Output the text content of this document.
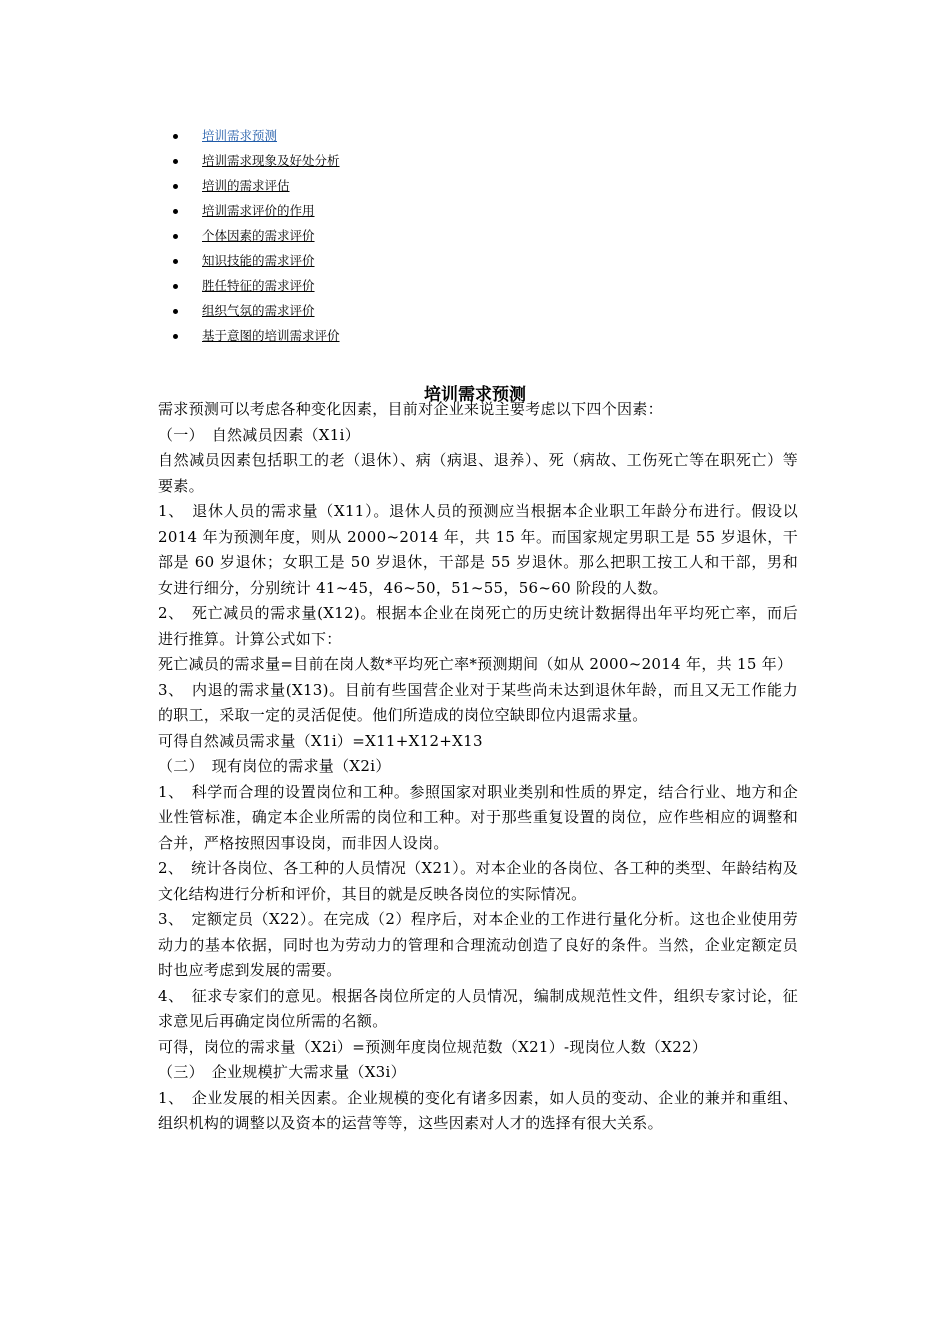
培训需求预测
培训需求现象及好处分析
培训的需求评估
培训需求评价的作用
个体因素的需求评价
知识技能的需求评价
胜任特征的需求评价
组织气氛的需求评价
基于意图的培训需求评价
培训需求预测

需求预测可以考虑各种变化因素，目前对企业来说主要考虑以下四个因素：

（一）　自然减员因素（X1i）

自然减员因素包括职工的老（退休）、病（病退、退养）、死（病故、工伤死亡等在职死亡）等要素。

1、　退休人员的需求量（X11）。退休人员的预测应当根据本企业职工年龄分布进行。假设以 2014 年为预测年度，则从 2000~2014 年，共 15 年。而国家规定男职工是 55 岁退休，干部是 60 岁退休；女职工是 50 岁退休，干部是 55 岁退休。那么把职工按工人和干部，男和女进行细分，分别统计 41~45，46~50，51~55，56~60 阶段的人数。

2、　死亡减员的需求量(X12)。根据本企业在岗死亡的历史统计数据得出年平均死亡率，而后进行推算。计算公式如下：

死亡减员的需求量=目前在岗人数*平均死亡率*预测期间（如从 2000~2014 年，共 15 年）

3、　内退的需求量(X13)。目前有些国营企业对于某些尚未达到退休年龄，而且又无工作能力的职工，采取一定的灵活促使。他们所造成的岗位空缺即位内退需求量。

可得自然减员需求量（X1i）=X11+X12+X13

（二）　现有岗位的需求量（X2i）

1、　科学而合理的设置岗位和工种。参照国家对职业类别和性质的界定，结合行业、地方和企业性管标准，确定本企业所需的岗位和工种。对于那些重复设置的岗位，应作些相应的调整和合并，严格按照因事设岗，而非因人设岗。

2、　统计各岗位、各工种的人员情况（X21）。对本企业的各岗位、各工种的类型、年龄结构及文化结构进行分析和评价，其目的就是反映各岗位的实际情况。

3、　定额定员（X22）。在完成（2）程序后，对本企业的工作进行量化分析。这也企业使用劳动力的基本依据，同时也为劳动力的管理和合理流动创造了良好的条件。当然，企业定额定员时也应考虑到发展的需要。

4、　征求专家们的意见。根据各岗位所定的人员情况，编制成规范性文件，组织专家讨论，征求意见后再确定岗位所需的名额。

可得，岗位的需求量（X2i）=预测年度岗位规范数（X21）-现岗位人数（X22）

（三）　企业规模扩大需求量（X3i）

1、　企业发展的相关因素。企业规模的变化有诸多因素，如人员的变动、企业的兼并和重组、组织机构的调整以及资本的运营等等，这些因素对人才的选择有很大关系。
